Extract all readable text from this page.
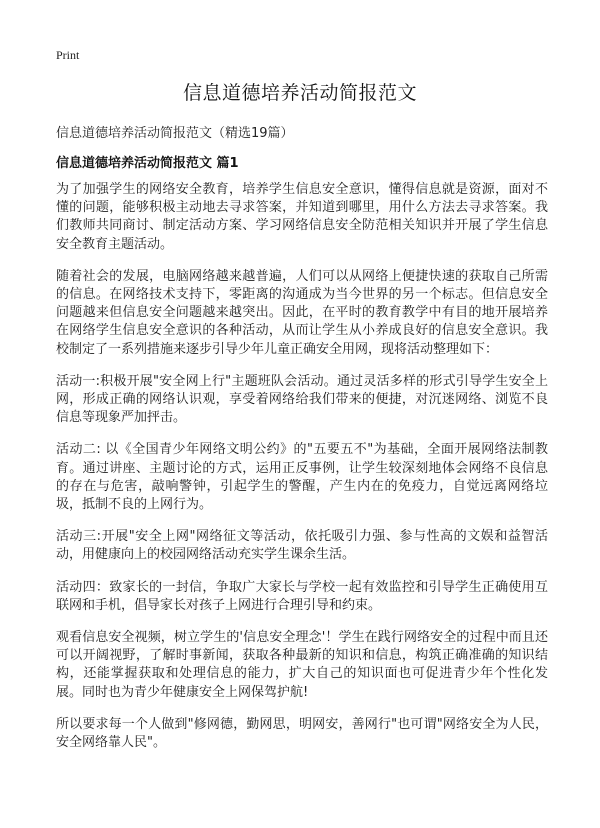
Print
信息道德培养活动简报范文

信息道德培养活动简报范文（精选19篇）

信息道德培养活动简报范文 篇1

为了加强学生的网络安全教育，培养学生信息安全意识，懂得信息就是资源，面对不懂的问题，能够积极主动地去寻求答案，并知道到哪里，用什么方法去寻求答案。我们教师共同商讨、制定活动方案、学习网络信息安全防范相关知识并开展了学生信息安全教育主题活动。

随着社会的发展，电脑网络越来越普遍，人们可以从网络上便捷快速的获取自己所需的信息。在网络技术支持下，零距离的沟通成为当今世界的另一个标志。但信息安全问题越来但信息安全问题越来越突出。因此，在平时的教育教学中有目的地开展培养在网络学生信息安全意识的各种活动，从而让学生从小养成良好的信息安全意识。我校制定了一系列措施来逐步引导少年儿童正确安全用网，现将活动整理如下：

活动一:积极开展"安全网上行"主题班队会活动。通过灵活多样的形式引导学生安全上网，形成正确的网络认识观，享受着网络给我们带来的便捷，对沉迷网络、浏览不良信息等现象严加抨击。

活动二: 以《全国青少年网络文明公约》的"五要五不"为基础，全面开展网络法制教育。通过讲座、主题讨论的方式，运用正反事例，让学生较深刻地体会网络不良信息的存在与危害，敲响警钟，引起学生的警醒，产生内在的免疫力，自觉远离网络垃圾，抵制不良的上网行为。

活动三:开展"安全上网"网络征文等活动，依托吸引力强、参与性高的文娱和益智活动，用健康向上的校园网络活动充实学生课余生活。

活动四：致家长的一封信，争取广大家长与学校一起有效监控和引导学生正确使用互联网和手机，倡导家长对孩子上网进行合理引导和约束。

观看信息安全视频，树立学生的'信息安全理念'！学生在践行网络安全的过程中而且还可以开阔视野，了解时事新闻，获取各种最新的知识和信息，构筑正确准确的知识结构，还能掌握获取和处理信息的能力，扩大自己的知识面也可促进青少年个性化发展。同时也为青少年健康安全上网保驾护航!

所以要求每一个人做到"修网德，勤网思，明网安，善网行"也可谓"网络安全为人民，安全网络靠人民"。
